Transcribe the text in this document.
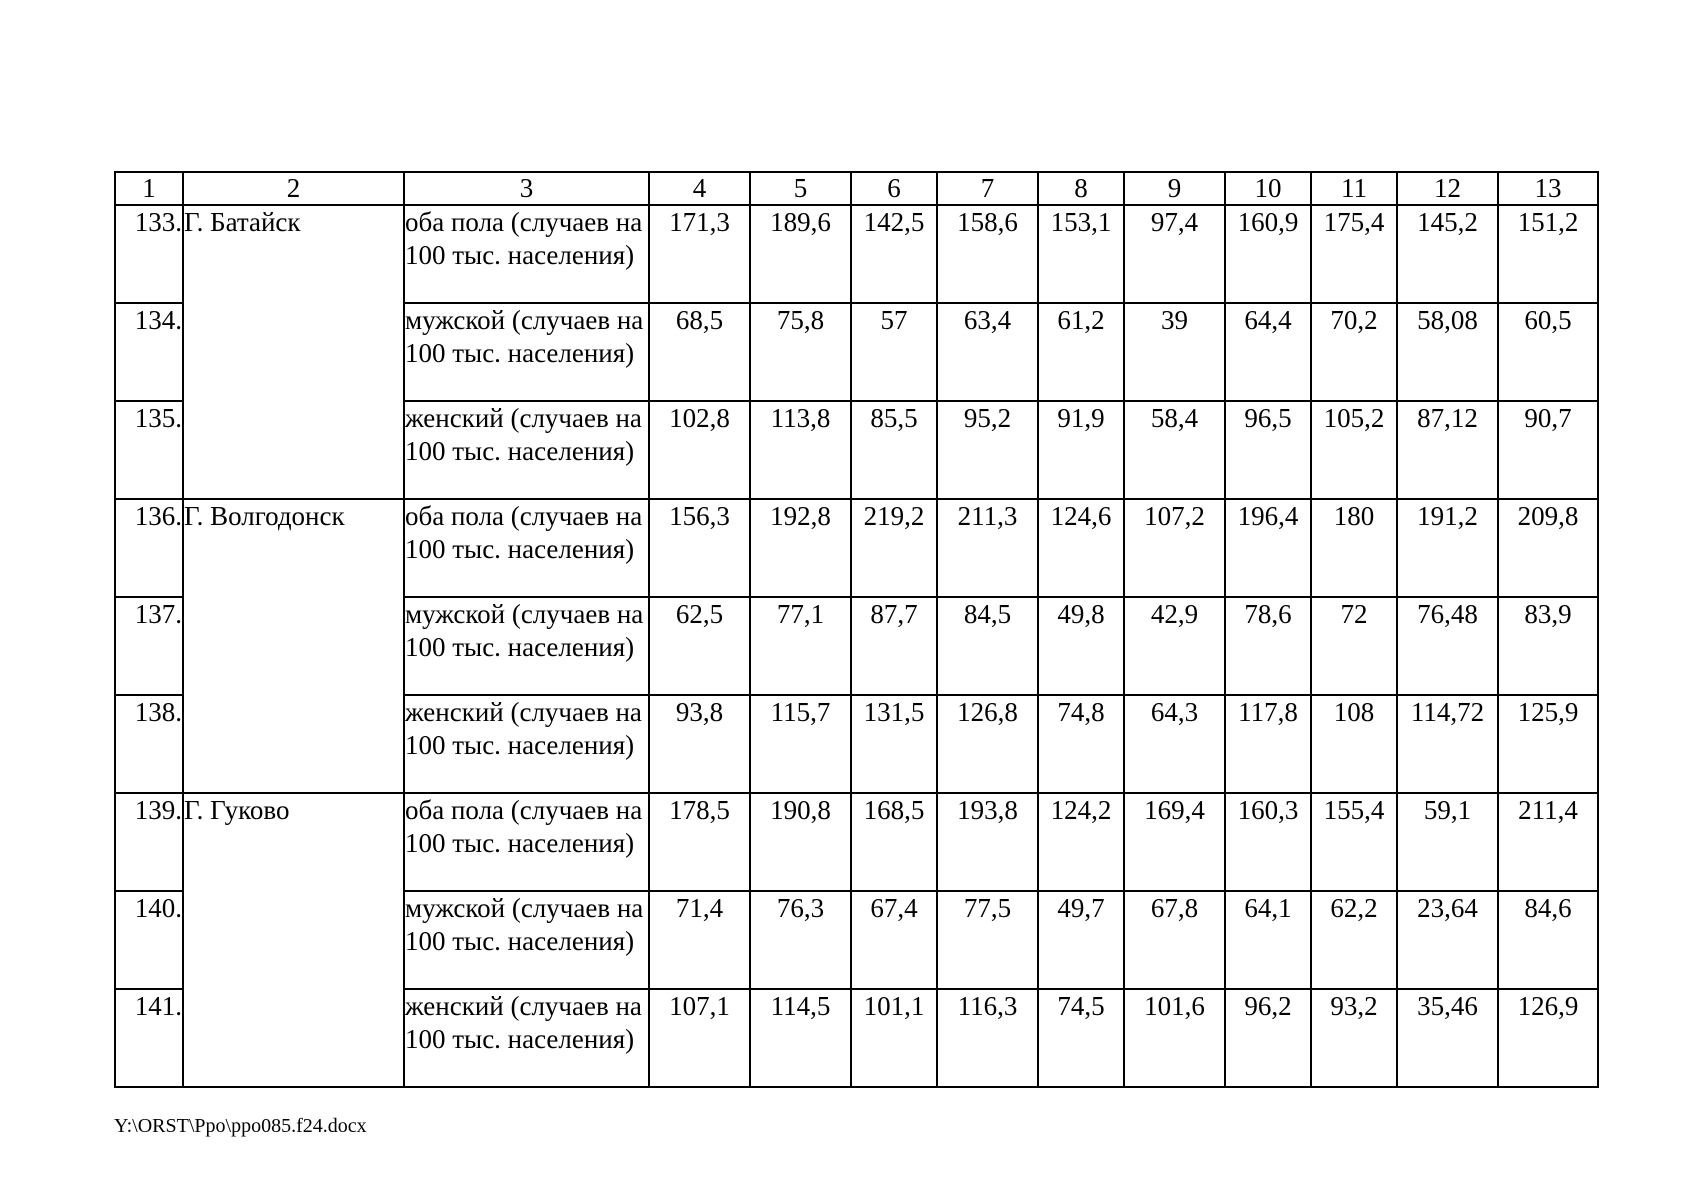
1	2	3	4	5	6	7	8	9	10	11	12	13
133.	Г. Батайск	оба пола (случаев на 100 тыс. населения)	171,3	189,6	142,5	158,6	153,1	97,4	160,9	175,4	145,2	151,2
134.		мужской (случаев на 100 тыс. населения)	68,5	75,8	57	63,4	61,2	39	64,4	70,2	58,08	60,5
135.		женский (случаев на 100 тыс. населения)	102,8	113,8	85,5	95,2	91,9	58,4	96,5	105,2	87,12	90,7
136.	Г. Волгодонск	оба пола (случаев на 100 тыс. населения)	156,3	192,8	219,2	211,3	124,6	107,2	196,4	180	191,2	209,8
137.		мужской (случаев на 100 тыс. населения)	62,5	77,1	87,7	84,5	49,8	42,9	78,6	72	76,48	83,9
138.		женский (случаев на 100 тыс. населения)	93,8	115,7	131,5	126,8	74,8	64,3	117,8	108	114,72	125,9
139.	Г. Гуково	оба пола (случаев на 100 тыс. населения)	178,5	190,8	168,5	193,8	124,2	169,4	160,3	155,4	59,1	211,4
140.		мужской (случаев на 100 тыс. населения)	71,4	76,3	67,4	77,5	49,7	67,8	64,1	62,2	23,64	84,6
141.		женский (случаев на 100 тыс. населения)	107,1	114,5	101,1	116,3	74,5	101,6	96,2	93,2	35,46	126,9
Y:\ORST\Ppo\ppo085.f24.docx
